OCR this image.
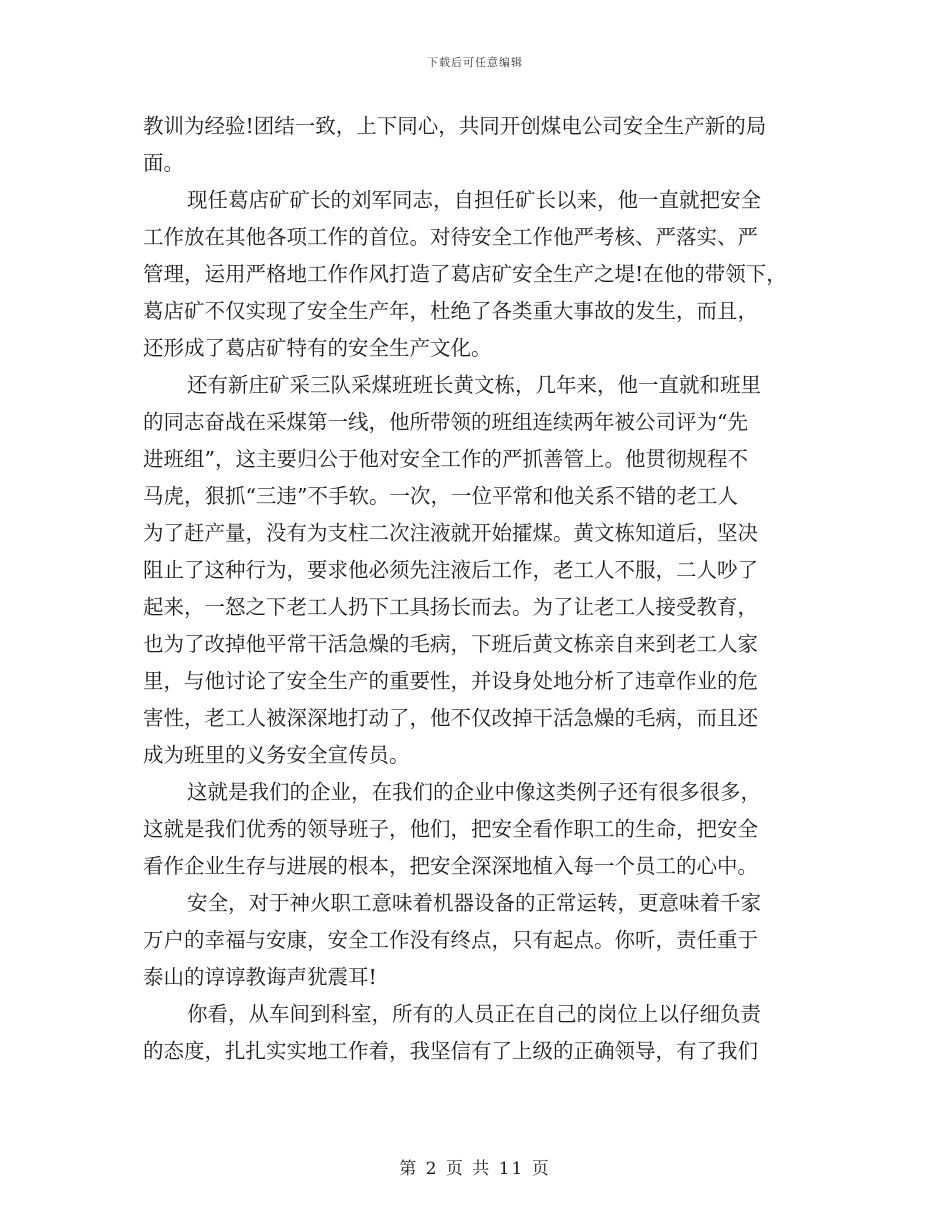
下载后可任意编辑
教训为经验!团结一致，上下同心，共同开创煤电公司安全生产新的局
面。
现任葛店矿矿长的刘军同志，自担任矿长以来，他一直就把安全
工作放在其他各项工作的首位。对待安全工作他严考核、严落实、严
管理，运用严格地工作作风打造了葛店矿安全生产之堤!在他的带领下，
葛店矿不仅实现了安全生产年，杜绝了各类重大事故的发生，而且，
还形成了葛店矿特有的安全生产文化。
还有新庄矿采三队采煤班班长黄文栋，几年来，他一直就和班里
的同志奋战在采煤第一线，他所带领的班组连续两年被公司评为“先
进班组”，这主要归公于他对安全工作的严抓善管上。他贯彻规程不
马虎，狠抓“三违”不手软。一次，一位平常和他关系不错的老工人
为了赶产量，没有为支柱二次注液就开始攉煤。黄文栋知道后，坚决
阻止了这种行为，要求他必须先注液后工作，老工人不服，二人吵了
起来，一怒之下老工人扔下工具扬长而去。为了让老工人接受教育，
也为了改掉他平常干活急燥的毛病，下班后黄文栋亲自来到老工人家
里，与他讨论了安全生产的重要性，并设身处地分析了违章作业的危
害性，老工人被深深地打动了，他不仅改掉干活急燥的毛病，而且还
成为班里的义务安全宣传员。
这就是我们的企业，在我们的企业中像这类例子还有很多很多，
这就是我们优秀的领导班子，他们，把安全看作职工的生命，把安全
看作企业生存与进展的根本，把安全深深地植入每一个员工的心中。
安全，对于神火职工意味着机器设备的正常运转，更意味着千家
万户的幸福与安康，安全工作没有终点，只有起点。你听，责任重于
泰山的谆谆教诲声犹震耳!
你看，从车间到科室，所有的人员正在自己的岗位上以仔细负责
的态度，扎扎实实地工作着，我坚信有了上级的正确领导，有了我们
第 2 页 共 11 页
